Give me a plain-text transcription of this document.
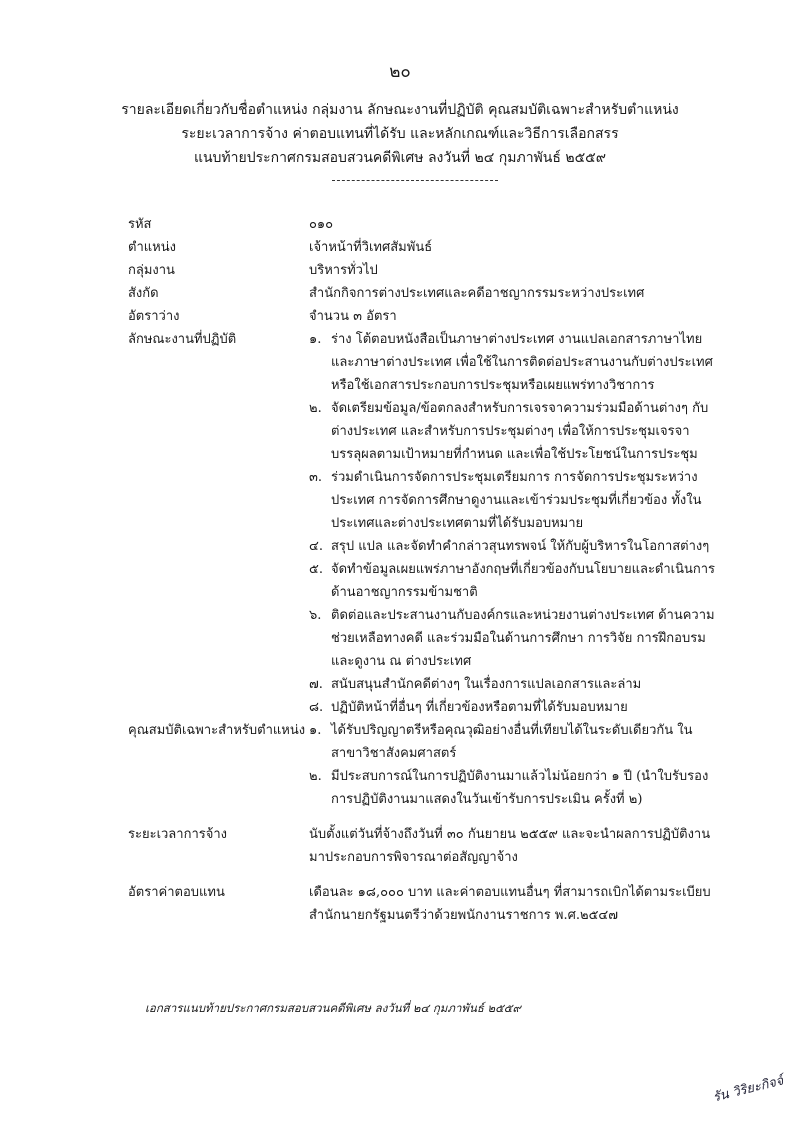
๒๐
รายละเอียดเกี่ยวกับชื่อตำแหน่ง กลุ่มงาน ลักษณะงานที่ปฏิบัติ คุณสมบัติเฉพาะสำหรับตำแหน่ง
ระยะเวลาการจ้าง ค่าตอบแทนที่ได้รับ และหลักเกณฑ์และวิธีการเลือกสรร
แนบท้ายประกาศกรมสอบสวนคดีพิเศษ ลงวันที่ ๒๔ กุมภาพันธ์ ๒๕๕๙
รหัส	๐๑๐
ตำแหน่ง	เจ้าหน้าที่วิเทศสัมพันธ์
กลุ่มงาน	บริหารทั่วไป
สังกัด	สำนักกิจการต่างประเทศและคดีอาชญากรรมระหว่างประเทศ
อัตราว่าง	จำนวน ๓ อัตรา
ลักษณะงานที่ปฏิบัติ	๑. ร่าง โต้ตอบหนังสือเป็นภาษาต่างประเทศ งานแปลเอกสารภาษาไทยและภาษาต่างประเทศ เพื่อใช้ในการติดต่อประสานงานกับต่างประเทศ หรือใช้เอกสารประกอบการประชุมหรือเผยแพร่ทางวิชาการ
๒. จัดเตรียมข้อมูล/ข้อตกลงสำหรับการเจรจาความร่วมมือด้านต่างๆ กับต่างประเทศ และสำหรับการประชุมต่างๆ เพื่อให้การประชุมเจรจาบรรลุผลตามเป้าหมายที่กำหนด และเพื่อใช้ประโยชน์ในการประชุม
๓. ร่วมดำเนินการจัดการประชุมเตรียมการ การจัดการประชุมระหว่างประเทศ การจัดการศึกษาดูงานและเข้าร่วมประชุมที่เกี่ยวข้อง ทั้งในประเทศและต่างประเทศตามที่ได้รับมอบหมาย
๔. สรุป แปล และจัดทำคำกล่าวสุนทรพจน์ ให้กับผู้บริหารในโอกาสต่างๆ
๕. จัดทำข้อมูลเผยแพร่ภาษาอังกฤษที่เกี่ยวข้องกับนโยบายและดำเนินการด้านอาชญากรรมข้ามชาติ
๖. ติดต่อและประสานงานกับองค์กรและหน่วยงานต่างประเทศ ด้านความช่วยเหลือทางคดี และร่วมมือในด้านการศึกษา การวิจัย การฝึกอบรมและดูงาน ณ ต่างประเทศ
๗. สนับสนุนสำนักคดีต่างๆ ในเรื่องการแปลเอกสารและล่าม
๘. ปฏิบัติหน้าที่อื่นๆ ที่เกี่ยวข้องหรือตามที่ได้รับมอบหมาย
คุณสมบัติเฉพาะสำหรับตำแหน่ง ๑. ได้รับปริญญาตรีหรือคุณวุฒิอย่างอื่นที่เทียบได้ในระดับเดียวกัน ในสาขาวิชาสังคมศาสตร์
๒. มีประสบการณ์ในการปฏิบัติงานมาแล้วไม่น้อยกว่า ๑ ปี (นำใบรับรองการปฏิบัติงานมาแสดงในวันเข้ารับการประเมิน ครั้งที่ ๒)
ระยะเวลาการจ้าง	นับตั้งแต่วันที่จ้างถึงวันที่ ๓๐ กันยายน ๒๕๕๙ และจะนำผลการปฏิบัติงานมาประกอบการพิจารณาต่อสัญญาจ้าง
อัตราค่าตอบแทน	เดือนละ ๑๘,๐๐๐ บาท และค่าตอบแทนอื่นๆ ที่สามารถเบิกได้ตามระเบียบสำนักนายกรัฐมนตรีว่าด้วยพนักงานราชการ พ.ศ.๒๕๔๗
เอกสารแนบท้ายประกาศกรมสอบสวนคดีพิเศษ ลงวันที่ ๒๔ กุมภาพันธ์ ๒๕๕๙
รัน วิริยะกิจจ์
